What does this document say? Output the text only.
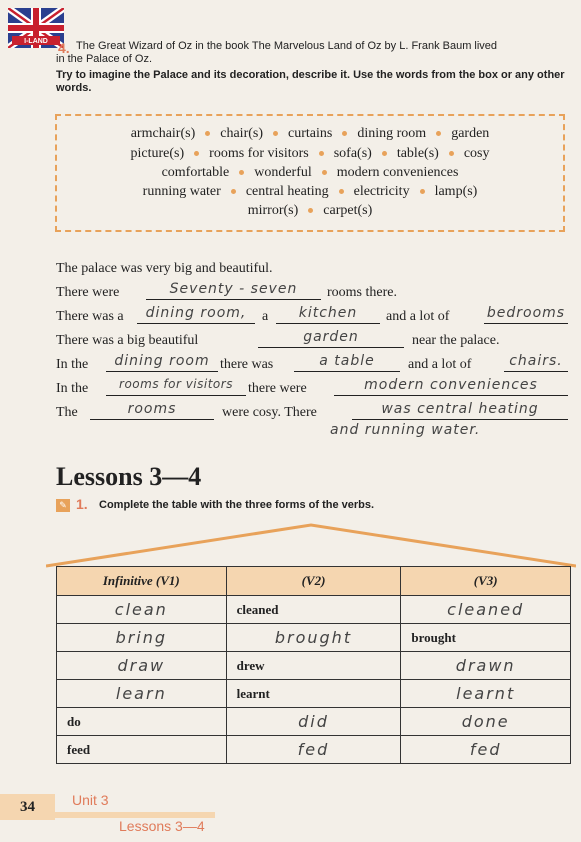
I-LAND 4. The Great Wizard of Oz in the book The Marvelous Land of Oz by L. Frank Baum lived
in the Palace of Oz.
Try to imagine the Palace and its decoration, describe it. Use the words from the box or any other words.
armchair(s) chair(s) curtains dining room garden
picture(s) rooms for visitors sofa(s) table(s) cosy
comfortable wonderful modern conveniences
running water central heating electricity lamp(s)
mirror(s) carpet(s)
The palace was very big and beautiful.
There were	Seventy - seven	rooms there.
There was a	dining room,	a	kitchen	and a lot of	bedrooms
There was a big beautiful	garden	near the palace.
In the	dining room there was	a table	and a lot of	chairs.
In the	rooms for visitors	there were	modern conveniences
The	rooms	were cosy. There	was central heating
and running water.
Lessons 3—4
✎ 1. Complete the table with the three forms of the verbs.
Infinitive (V1)	(V2)	(V3)
clean	cleaned	cleaned
bring	brought	brought
draw	drew	drawn
learn	learnt	learnt
do	did	done
feed	fed	fed
34	Unit 3
Lessons 3—4
